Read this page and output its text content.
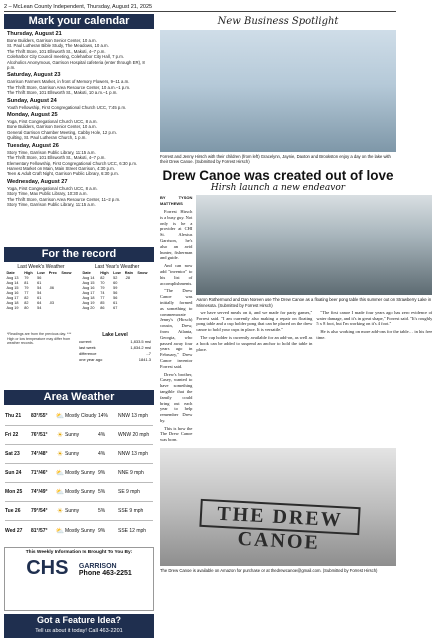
2 – McLean County Independent, Thursday, August 21, 2025
Mark your calendar
Thursday, August 21
Bone Builders, Garrison Senior Center, 10 a.m.
St. Paul Lutheran Bible Study, The Meadows, 10 a.m.
The Thrift Store, 101 Ellsworth St., Makoti, 4–7 p.m.
Coleharbor City Council meeting, Coleharbor City Hall, 7 p.m.
Alcoholics Anonymous, Garrison Hospital cafeteria (enter through ER), 8 p.m.
Saturday, August 23
Garrison Farmers Market, in front of Memory Flowers, 9–11 a.m.
The Thrift Store, Garrison Area Resource Center, 10 a.m.–1 p.m.
The Thrift Store, 101 Ellsworth St., Makoti, 10 a.m.–1 p.m.
Sunday, August 24
Youth Fellowship, First Congregational Church UCC, 7:45 p.m.
Monday, August 25
Yoga, First Congregational Church UCC, 8 a.m.
Bone Builders, Garrison Senior Center, 10 a.m.
General Garrison Chamber Meeting, Cabby Hole, 12 p.m.
Quilting, St. Paul Lutheran Church, 1 p.m.
Tuesday, August 26
Story Time, Garrison Public Library, 11:15 a.m.
The Thrift Store, 101 Ellsworth St., Makoti, 4–7 p.m.
Elementary Fellowship, First Congregational Church UCC, 6:30 p.m.
Harvest Market on Main, Main Street Garrison, 4:30 p.m.
Teen & Adult Craft Night, Garrison Public Library, 6:30 p.m.
Wednesday, August 27
Yoga, First Congregational Church UCC, 8 a.m.
Story Time, Max Public Library, 10:30 a.m.
The Thrift Store, Garrison Area Resource Center, 11–2 p.m.
Story Time, Garrison Public Library, 11:15 a.m.
For the record
Last Week's Weather
Date	High	Low	Prec	Snow
Aug 13	79	56		
Aug 14	81	61		
Aug 15	79	54	.06	
Aug 16	77	54		
Aug 17	82	61		
Aug 18	82	64	.03	
Aug 19	80	54		
Last Year's Weather
Date	High	Low	Rain	Snow
Aug 14	82	52	.28	
Aug 15	70	60		
Aug 16	79	59		
Aug 17	74	56		
Aug 18	77	56		
Aug 19	85	61		
Aug 20	86	67		
*Readings are from the previous day. *** High or low temperature may differ from weather records.
Lake Level
current	1,833.5 msl
last week	1,834.2 msl
difference	-.7
one year ago	1841.3
Area Weather
Thu 21	83°/55°	⛅ Mostly Cloudy 14%	NNW 13 mph
Fri 22	76°/51°	☀ Sunny	4%	WNW 20 mph
Sat 23	74°/48°	☀ Sunny	4%	NNW 13 mph
Sun 24	71°/46°	⛅ Mostly Sunny 9%	NNE 9 mph
Mon 25	74°/49°	⛅ Mostly Sunny 5%	SE 9 mph
Tue 26	79°/54°	☀ Sunny	5%	SSE 9 mph
Wed 27	81°/57°	⛅ Mostly Sunny 9%	SSE 12 mph
This Weekly Information Is Brought To You By:
CHS GARRISON
Phone 463-2251
Got a Feature Idea?
Tell us about it today! Call 463-2201
New Business Spotlight
Forrest and Jenny Hirsch with their children (from left) Gracelynn, Jaynie, Daxton and Brookston enjoy a day on the lake with their Drew Canoe. (Submitted by Forrest Hirsch)
Drew Canoe was created out of love
Hirsh launch a new endeavor
BY TYSON MATTHEWS

Forrest Hirsch is a busy guy. Not only is he a provider at CHI St. Alexius Garrison, he's also an avid hunter, fisherman and guide.

And can now add "inventor" to his list of accomplishments.

"The Drew Canoe was initially formed as something to commemorate Jenny's (Hirsch) cousin, Drew, from Atlanta, Georgia, who passed away four years ago in February," Drew Canoe inventor Forrest said.

Drew's brother, Casey, wanted to have something tangible that the family could bring out each year to help remember Drew by.

This is how the The Drew Canoe was born.

Aaron Rothermund and Dan Noreen use The Drew Canoe as a floating beer pong table this summer out on Strawberry Lake in Minnesota. (Submitted by Forrest Hirsch)

we have served meals on it, and we made for party games," Forrest said. "I am currently also making a repair on floating pong table and a cup holder pong that can be placed on the drew canoe to hold your cups in place. It is versatile."

The cup holder is currently available for an add-on, as well as a hook can be added to suspend an anchor to hold the table in place.

"The first canoe I made four years ago has zero evidence of water damage, and it's in great shape," Forrest said. "It's roughly 5 x 8 foot, but I'm working on it's 4 foot."

He is also working on more add-ons for the table… in his free time.

THE DREW CANOE
The Drew Canoe is available on Amazon for purchase or at thedrewcanoe@gmail.com. (Submitted by Forrest Hirsch)
